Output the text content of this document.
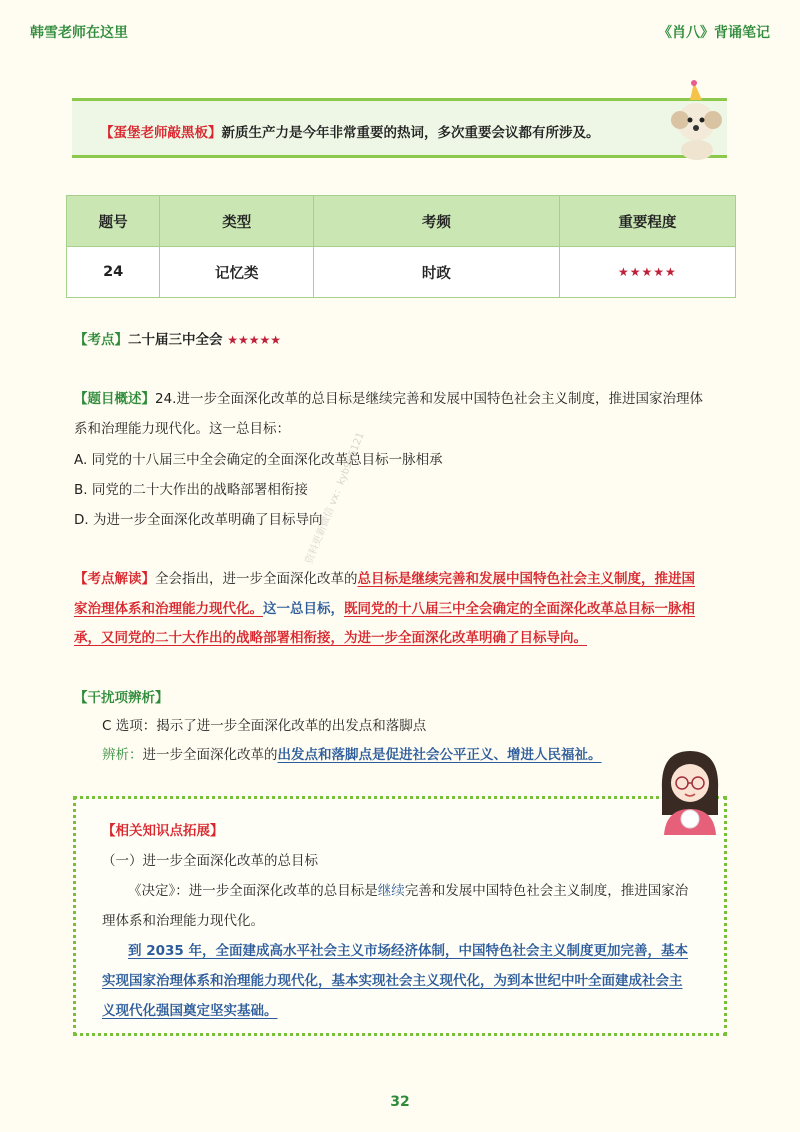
韩雪老师在这里	《肖八》背诵笔记
【蛋堡老师敲黑板】新质生产力是今年非常重要的热词，多次重要会议都有所涉及。
题号	类型	考频	重要程度
24	记忆类	时政	★★★★★
【考点】二十届三中全会 ★★★★★
【题目概述】24.进一步全面深化改革的总目标是继续完善和发展中国特色社会主义制度，推进国家治理体
系和治理能力现代化。这一总目标：
A. 同党的十八届三中全会确定的全面深化改革总目标一脉相承
B. 同党的二十大作出的战略部署相衔接
D. 为进一步全面深化改革明确了目标导向
【考点解读】全会指出，进一步全面深化改革的总目标是继续完善和发展中国特色社会主义制度，推进国
家治理体系和治理能力现代化。这一总目标，既同党的十八届三中全会确定的全面深化改革总目标一脉相
承，又同党的二十大作出的战略部署相衔接，为进一步全面深化改革明确了目标导向。
【干扰项辨析】
C 选项：揭示了进一步全面深化改革的出发点和落脚点
辨析：进一步全面深化改革的出发点和落脚点是促进社会公平正义、增进人民福祉。
【相关知识点拓展】
（一）进一步全面深化改革的总目标
《决定》：进一步全面深化改革的总目标是继续完善和发展中国特色社会主义制度，推进国家治
理体系和治理能力现代化。
到 2035 年，全面建成高水平社会主义市场经济体制，中国特色社会主义制度更加完善，基本
实现国家治理体系和治理能力现代化，基本实现社会主义现代化，为到本世纪中叶全面建成社会主
义现代化强国奠定坚实基础。
资料更新微信 vx：kyb985121
32
